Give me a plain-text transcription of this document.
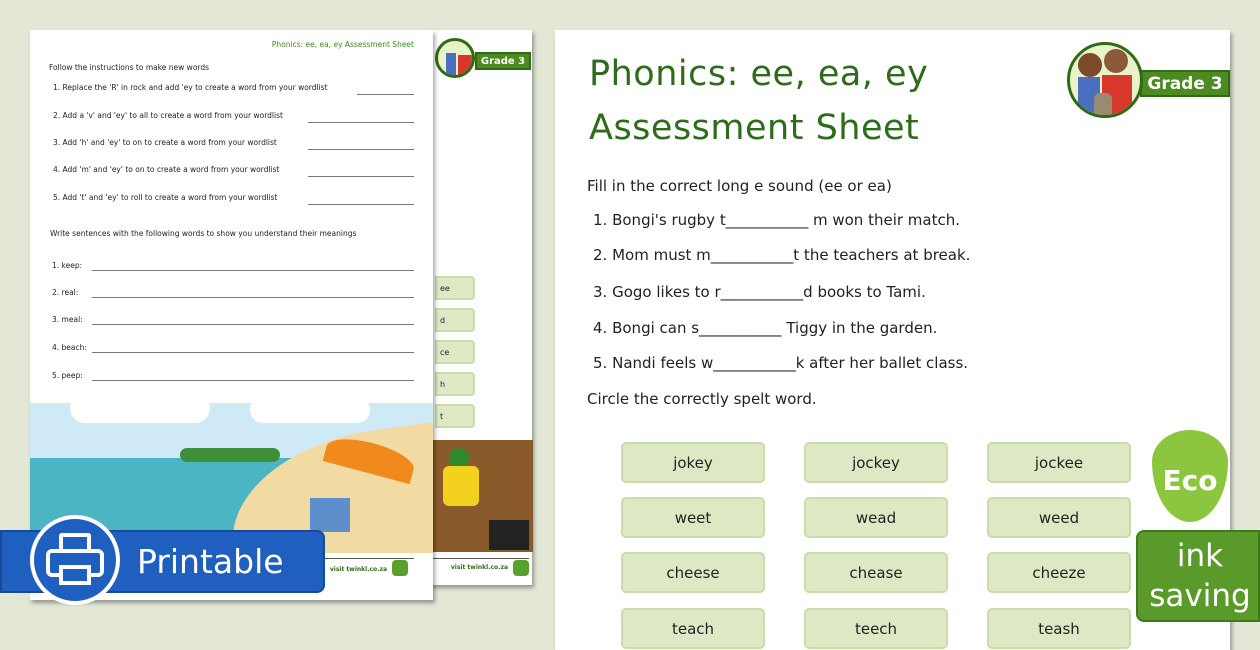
Grade 3
ee
d
ce
h
t
visit twinkl.co.za
Phonics: ee, ea, ey Assessment Sheet
Follow the instructions to make new words
1. Replace the 'R' in rock and add 'ey to create a word from your wordlist
2. Add a 'v' and 'ey' to all to create a word from your wordlist
3. Add 'h' and 'ey' to on to create a word from your wordlist
4. Add 'm' and 'ey' to on to create a word from your wordlist
5. Add 't' and 'ey' to roll to create a word from your wordlist
Write sentences with the following words to show you understand their meanings
1. keep:
2. real:
3. meal:
4. beach:
5. peep:
visit twinkl.co.za
Phonics: ee, ea, ey
Assessment Sheet
Grade 3
Fill in the correct long e sound (ee or ea)
1. Bongi's rugby t___________ m won their match.
2. Mom must m___________t the teachers at break.
3. Gogo likes to r___________d books to Tami.
4. Bongi can s___________ Tiggy in the garden.
5. Nandi feels w___________k after her ballet class.
Circle the correctly spelt word.
jokey	jockey	jockee
weet	wead	weed
cheese	chease	cheeze
teach	teech	teash
Printable
Eco
ink saving
